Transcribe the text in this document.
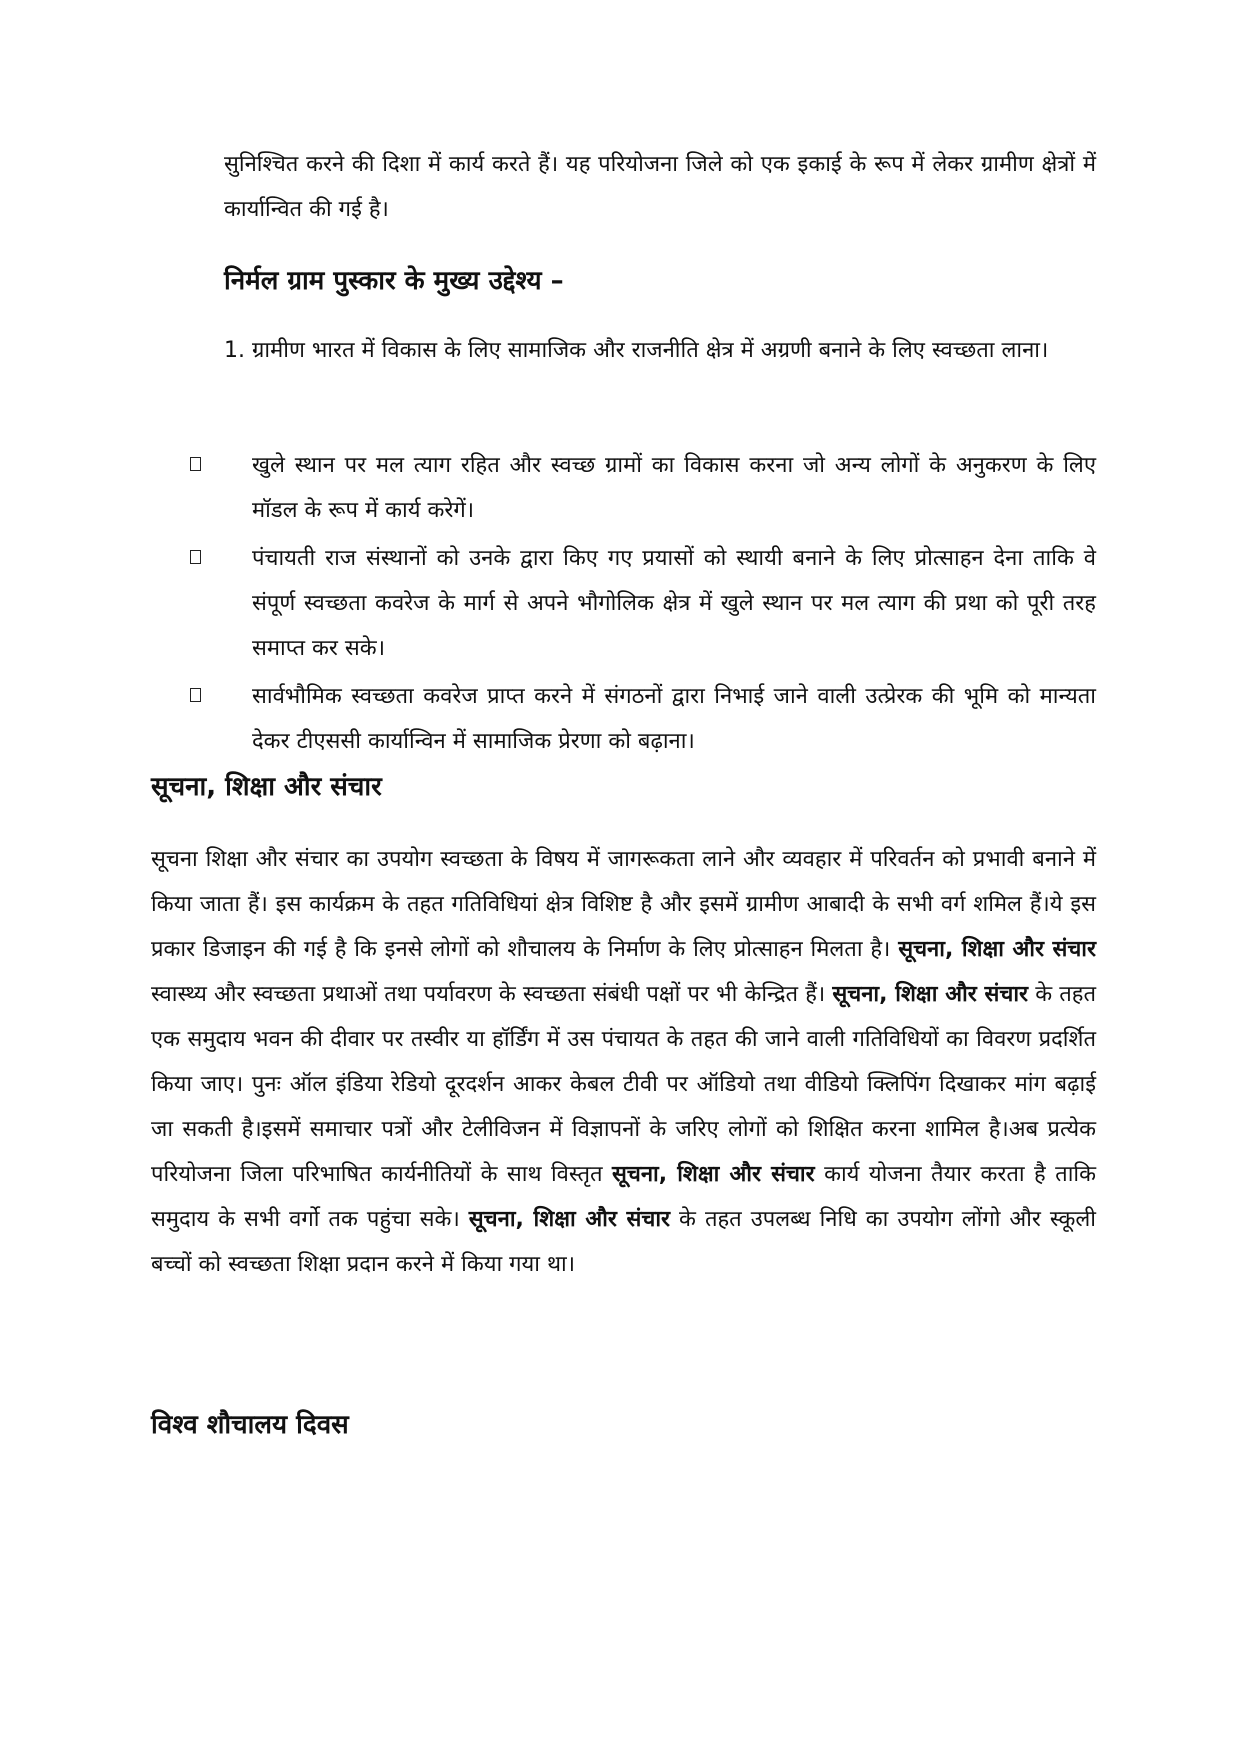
सुनिश्चित करने की दिशा में कार्य करते हैं। यह परियोजना जिले को एक इकाई के रूप में लेकर ग्रामीण क्षेत्रों में कार्यान्वित की गई है।

निर्मल ग्राम पुस्कार के मुख्य उद्देश्य –

1. ग्रामीण भारत में विकास के लिए सामाजिक और राजनीति क्षेत्र में अग्रणी बनाने के लिए स्वच्छता लाना।

खुले स्थान पर मल त्याग रहित और स्वच्छ ग्रामों का विकास करना जो अन्य लोगों के अनुकरण के लिए मॉडल के रूप में कार्य करेगें।

पंचायती राज संस्थानों को उनके द्वारा किए गए प्रयासों को स्थायी बनाने के लिए प्रोत्साहन देना ताकि वे संपूर्ण स्वच्छता कवरेज के मार्ग से अपने भौगोलिक क्षेत्र में खुले स्थान पर मल त्याग की प्रथा को पूरी तरह समाप्त कर सके।

सार्वभौमिक स्वच्छता कवरेज प्राप्त करने में संगठनों द्वारा निभाई जाने वाली उत्प्रेरक की भूमि को मान्यता देकर टीएससी कार्यान्विन में सामाजिक प्रेरणा को बढ़ाना।

सूचना, शिक्षा और संचार

सूचना शिक्षा और संचार का उपयोग स्वच्छता के विषय में जागरूकता लाने और व्यवहार में परिवर्तन को प्रभावी बनाने में किया जाता हैं। इस कार्यक्रम के तहत गतिविधियां क्षेत्र विशिष्ट है और इसमें ग्रामीण आबादी के सभी वर्ग शमिल हैं।ये इस प्रकार डिजाइन की गई है कि इनसे लोगों को शौचालय के निर्माण के लिए प्रोत्साहन मिलता है। सूचना, शिक्षा और संचार स्वास्थ्य और स्वच्छता प्रथाओं तथा पर्यावरण के स्वच्छता संबंधी पक्षों पर भी केन्द्रित हैं। सूचना, शिक्षा और संचार के तहत एक समुदाय भवन की दीवार पर तस्वीर या हॉर्डिंग में उस पंचायत के तहत की जाने वाली गतिविधियों का विवरण प्रदर्शित किया जाए। पुनः ऑल इंडिया रेडियो दूरदर्शन आकर केबल टीवी पर ऑडियो तथा वीडियो क्लिपिंग दिखाकर मांग बढ़ाई जा सकती है।इसमें समाचार पत्रों और टेलीविजन में विज्ञापनों के जरिए लोगों को शिक्षित करना शामिल है।अब प्रत्येक परियोजना जिला परिभाषित कार्यनीतियों के साथ विस्तृत सूचना, शिक्षा और संचार कार्य योजना तैयार करता है ताकि समुदाय के सभी वर्गो तक पहुंचा सके। सूचना, शिक्षा और संचार के तहत उपलब्ध निधि का उपयोग लोंगो और स्कूली बच्चों को स्वच्छता शिक्षा प्रदान करने में किया गया था।

विश्व शौचालय दिवस
